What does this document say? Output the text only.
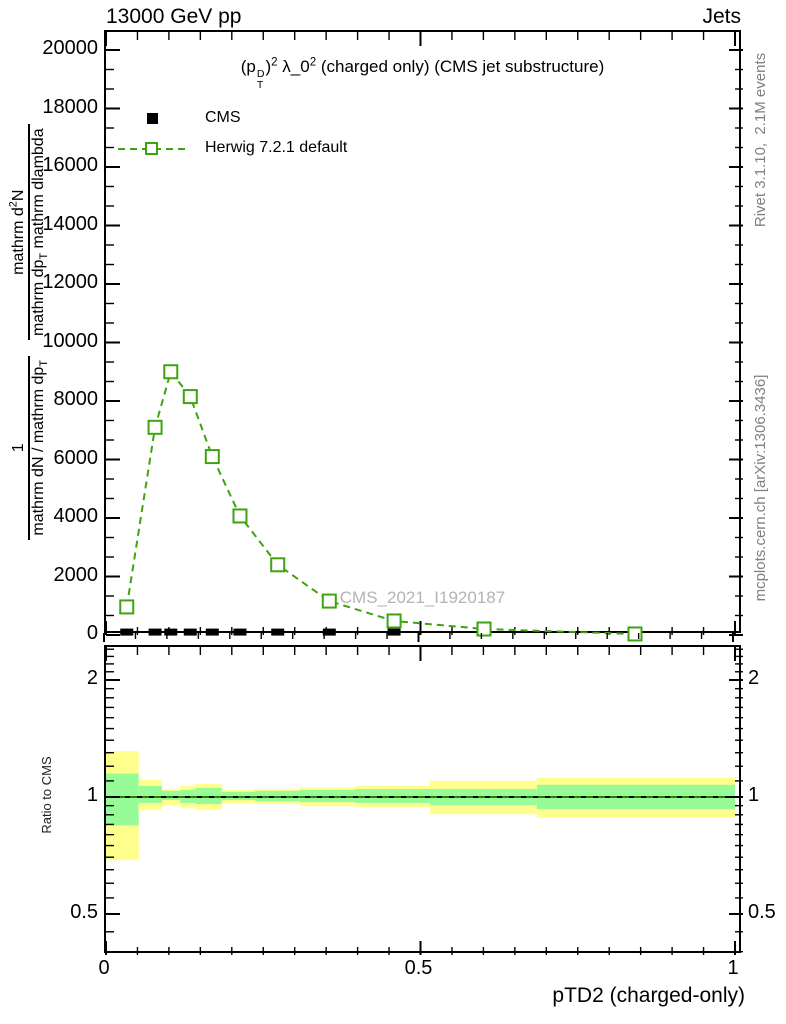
13000 GeV pp	Jets
(p D
T
)$^2$ $\lambda\_0^2$ (charged only) (CMS jet substructure)
CMS
Herwig 7.2.1 default
CMS_2021_I1920187
1 mathrm dN / mathrm $dp_T$
mathrm $d^2N$
mathrm $dp_T$ mathrm dlambda
Ratio to CMS
Rivet 3.1.10,  2.1M events
mcplots.cern.ch [arXiv:1306.3436]
pTD2 (charged-only)
0
2000
4000
6000
8000
10000
12000
14000
16000
18000
20000
0	0.5	1
2	2
1	1
0.5	0.5
